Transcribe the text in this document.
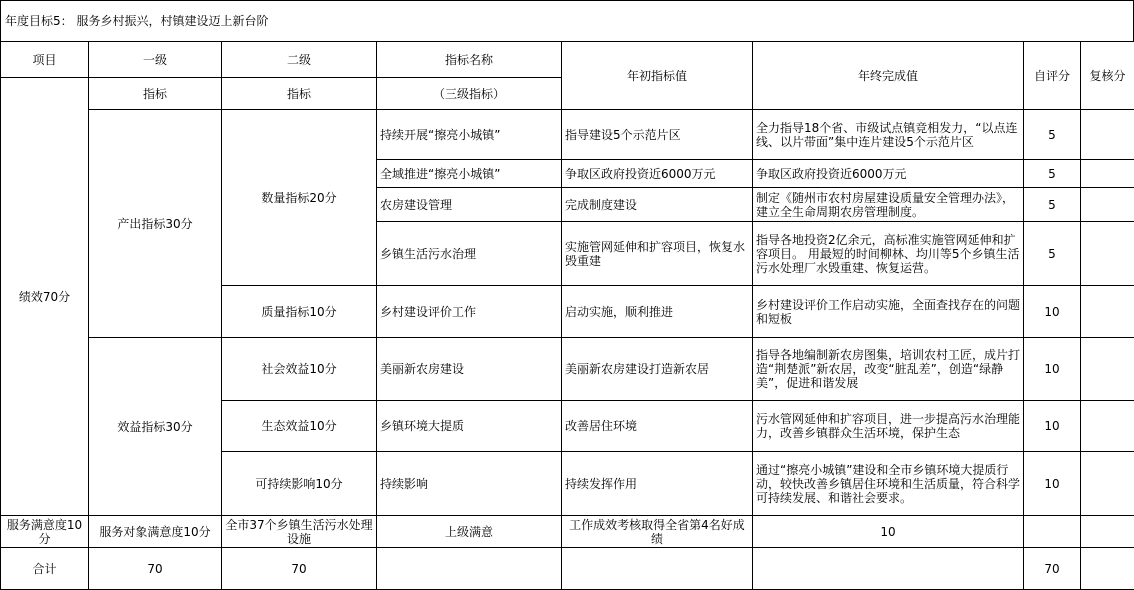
年度目标5： 服务乡村振兴，村镇建设迈上新台阶
项目	一级	二级	指标名称	年初指标值	年终完成值	自评分	复核分
绩效70分	指标	指标	（三级指标）				
	产出指标30分	数量指标20分	持续开展“擦亮小城镇”	指导建设5个示范片区	全力指导18个省、市级试点镇竞相发力，“以点连线、以片带面”集中连片建设5个示范片区	5	
			全域推进“擦亮小城镇”	争取区政府投资近6000万元	争取区政府投资近6000万元	5	
			农房建设管理	完成制度建设	制定《随州市农村房屋建设质量安全管理办法》，建立全生命周期农房管理制度。	5	
			乡镇生活污水治理	实施管网延伸和扩容项目，恢复水毁重建	指导各地投资2亿余元，高标准实施管网延伸和扩容项目。 用最短的时间柳林、均川等5个乡镇生活污水处理厂水毁重建、恢复运营。	5	
		质量指标10分	乡村建设评价工作	启动实施，顺利推进	乡村建设评价工作启动实施，全面查找存在的问题和短板	10	
	效益指标30分	社会效益10分	美丽新农房建设	美丽新农房建设打造新农居	指导各地编制新农房图集，培训农村工匠，成片打造“荆楚派”新农居，改变“脏乱差”，创造“绿静美”，促进和谐发展	10	
		生态效益10分	乡镇环境大提质	改善居住环境	污水管网延伸和扩容项目，进一步提高污水治理能力，改善乡镇群众生活环境，保护生态	10	
		可持续影响10分	持续影响	持续发挥作用	通过“擦亮小城镇”建设和全市乡镇环境大提质行动，较快改善乡镇居住环境和生活质量，符合科学可持续发展、和谐社会要求。	10	
服务满意度10分	服务对象满意度10分	全市37个乡镇生活污水处理设施	上级满意	工作成效考核取得全省第4名好成绩	10		
合计	70	70				70	
